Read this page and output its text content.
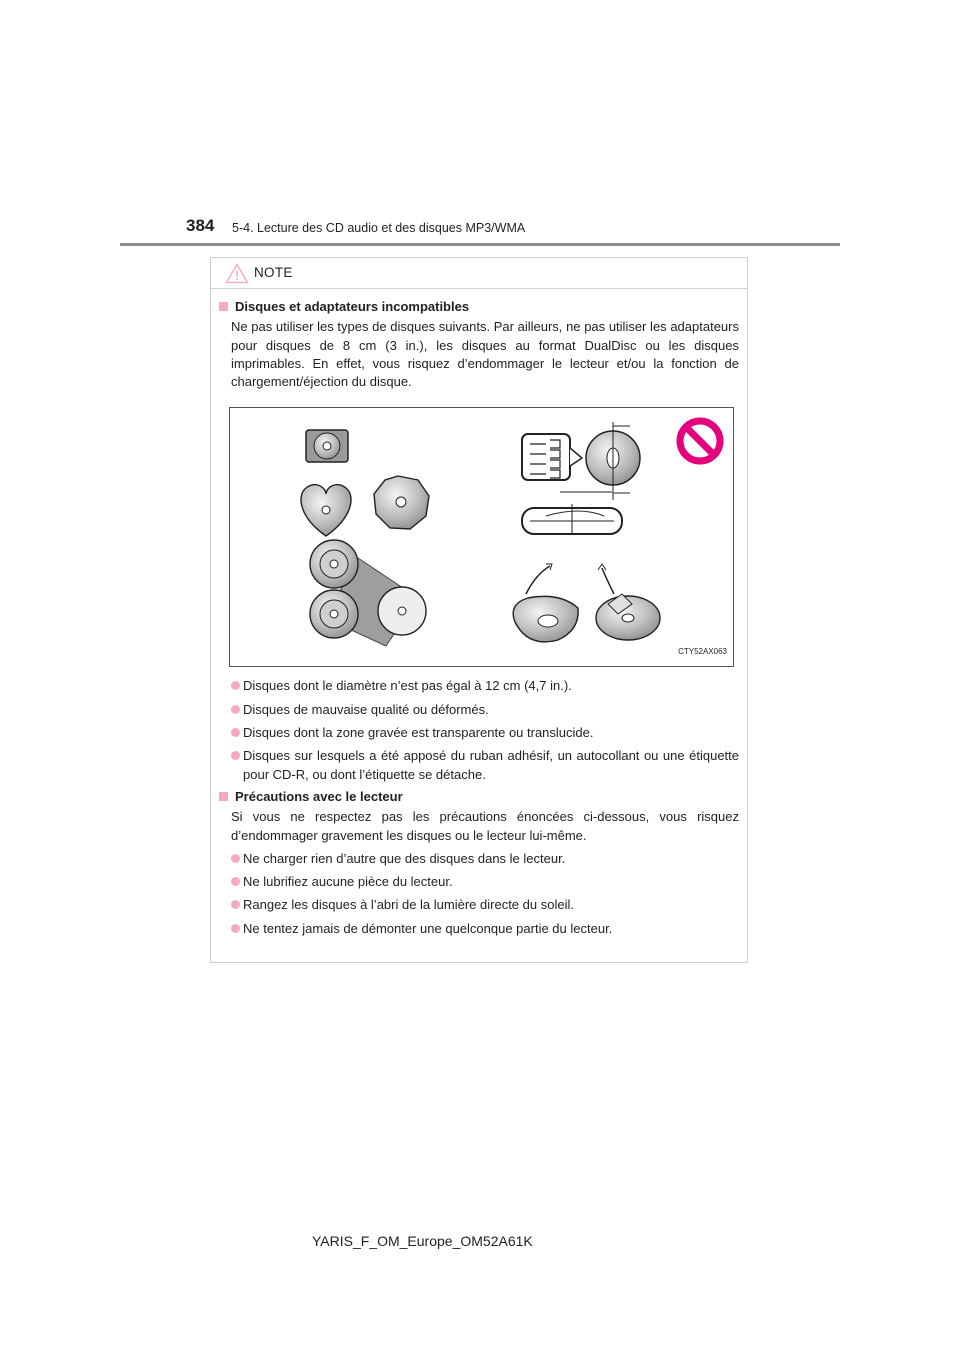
384 5-4. Lecture des CD audio et des disques MP3/WMA
NOTE

Disques et adaptateurs incompatibles

Ne pas utiliser les types de disques suivants. Par ailleurs, ne pas utiliser les adaptateurs pour disques de 8 cm (3 in.), les disques au format DualDisc ou les disques imprimables. En effet, vous risquez d’endommager le lecteur et/ou la fonction de chargement/éjection du disque.

CTY52AX063
Disques dont le diamètre n’est pas égal à 12 cm (4,7 in.).
Disques de mauvaise qualité ou déformés.
Disques dont la zone gravée est transparente ou translucide.
Disques sur lesquels a été apposé du ruban adhésif, un autocollant ou une étiquette pour CD-R, ou dont l’étiquette se détache.

Précautions avec le lecteur

Si vous ne respectez pas les précautions énoncées ci-dessous, vous risquez d’endommager gravement les disques ou le lecteur lui-même.

Ne charger rien d’autre que des disques dans le lecteur.
Ne lubrifiez aucune pièce du lecteur.
Rangez les disques à l’abri de la lumière directe du soleil.
Ne tentez jamais de démonter une quelconque partie du lecteur.
YARIS_F_OM_Europe_OM52A61K
